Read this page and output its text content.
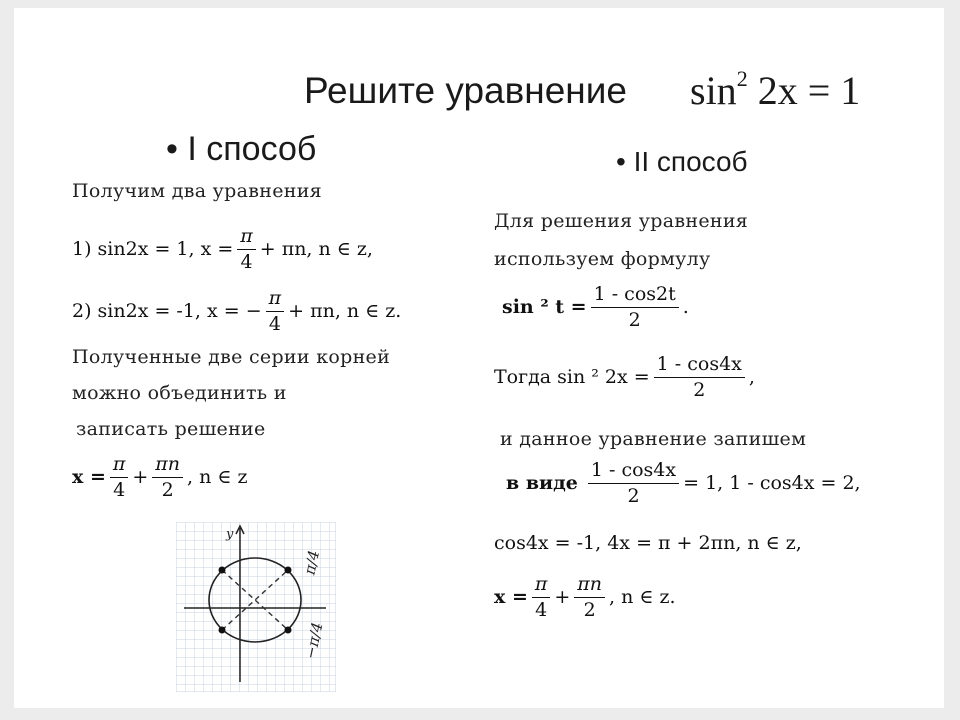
Решите уравнение $\sin^2 2x = 1$
• I способ
Получим два уравнения
1) sin2x = 1, $x = \frac{\pi}{4} + \pi n$, n ∈ z,
2) sin2x = -1, x = − $\frac{\pi}{4} + \pi n$, n ∈ z.
Полученные две серии корней
можно объединить и
записать решение
$x = \frac{\pi}{4} + \frac{\pi n}{2}$ , n ∈ z
y
π/4
−π/4
• II способ
Для решения уравнения
используем формулу
sin ² $t = \frac{1 - \cos 2t}{2}$ .
Тогда sin ² $2x = \frac{1 - \cos 4x}{2}$ ,
и данное уравнение запишем
в виде $\frac{1 - \cos 4x}{2} = 1$, 1 - cos4x = 2,
cos4x = -1, 4x = π + 2πn, n ∈ z,
$x = \frac{\pi}{4} + \frac{\pi n}{2}$ , n ∈ z.
